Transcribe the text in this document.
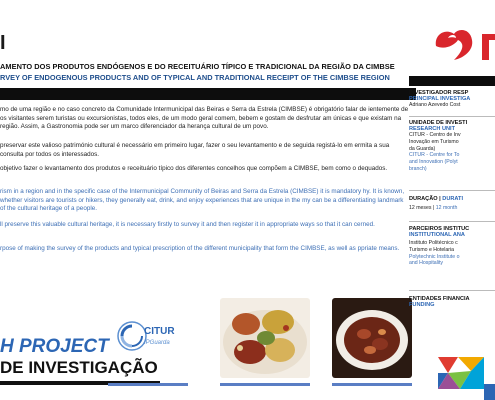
I
AMENTO DOS PRODUTOS ENDÓGENOS E DO RECEITUÁRIO TÍPICO E TRADICIONAL DA REGIÃO DA CIMBSE
RVEY OF ENDOGENOUS PRODUCTS AND OF TYPICAL AND TRADITIONAL RECEIPT OF THE CIMBSE REGION
mo de uma região e no caso concreto da Comunidade Intermunicipal das Beiras e Serra da Estrela (CIMBSE) é obrigatório falar de ientemente de os visitantes serem turistas ou excursionistas, todos eles, de um modo geral comem, bebem e gostam de desfrutar am únicas e que existam na região. Assim, a Gastronomia pode ser um marco diferenciador da herança cultural de um povo.
preservar este valioso património cultural é necessário em primeiro lugar, fazer o seu levantamento e de seguida registá-lo em ermita a sua consulta por todos os interessados.
objetivo fazer o levantamento dos produtos e receituário típico dos diferentes concelhos que compõem a CIMBSE, bem como o dequados.
rism in a region and in the specific case of the Intermunicipal Community of Beiras and Serra da Estrela (CIMBSE) it is mandatory hy. It is known, whether visitors are tourists or hikers, they generally eat, drink, and enjoy experiences that are unique in the my can be a differentiating landmark of the cultural heritage of a people.
ll preserve this valuable cultural heritage, it is necessary firstly to survey it and then register it in appropriate ways so that it can cerned.
rpose of making the survey of the products and typical prescription of the different municipality that form the CIMBSE, as well as ppriate means.
H PROJECT
DE INVESTIGAÇÃO
CITUR
IPGuarda
INVESTIGADOR RESP
PRINCIPAL INVESTIGA
Adriano Azevedo Cost
UNIDADE DE INVESTI
RESEARCH UNIT
CITUR - Centro de Inv
Inovação em Turismo
da Guarda)
CITUR - Centre for To
and Innovation (Polyt
branch)
DURAÇÃO | DURATI
12 meses | 12 month
PARCEIROS INSTITUC
INSTITUTIONAL ANA
Instituto Politécnico c
Turismo e Hotelaria
Polytechnic Institute o
and Hospitality
ENTIDADES FINANCIA
FUNDING
